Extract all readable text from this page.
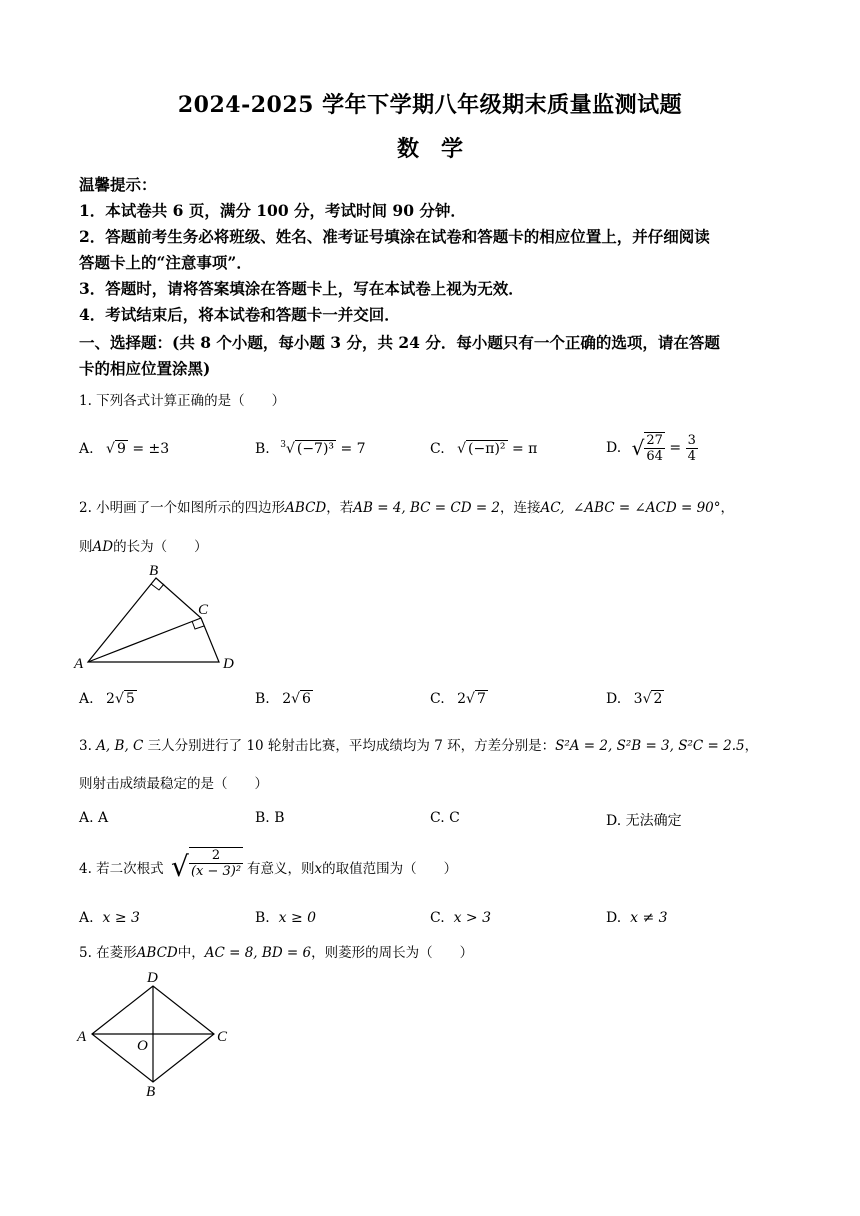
2024-2025 学年下学期八年级期末质量监测试题
数学
温馨提示：
1．本试卷共 6 页，满分 100 分，考试时间 90 分钟．
2．答题前考生务必将班级、姓名、准考证号填涂在试卷和答题卡的相应位置上，并仔细阅读
答题卡上的“注意事项”．
3．答题时，请将答案填涂在答题卡上，写在本试卷上视为无效．
4．考试结束后，将本试卷和答题卡一并交回．
一、选择题：(共 8 个小题，每小题 3 分，共 24 分．每小题只有一个正确的选项，请在答题
卡的相应位置涂黑)
1. 下列各式计算正确的是（　　）
A. √ 9 = ±3	B. $^3$√ (−7)³ = 7	C. √ (−π)² = π	D. √ $\frac{27}{64} = \frac{3}{4}$
2. 小明画了一个如图所示的四边形ABCD，若AB = 4, BC = CD = 2，连接AC, ∠ABC = ∠ACD = 90°，
则AD的长为（　　）
A
B
C
D
A. 2√ 5	B. 2√ 6	C. 2√ 7	D. 3√ 2
3. A, B, C 三人分别进行了 10 轮射击比赛，平均成绩均为 7 环，方差分别是：S²A = 2, S²B = 3, S²C = 2.5，
则射击成绩最稳定的是（　　）
A. A	B. B	C. C	D. 无法确定
4. 若二次根式 √ $\frac{2}{\text{(x − 3)²}}$ 有意义，则x的取值范围为（　　）
A. x ≥ 3	B. x ≥ 0	C. x > 3	D. x ≠ 3
5. 在菱形ABCD中，AC = 8, BD = 6，则菱形的周长为（　　）
A
D
C
B
O
